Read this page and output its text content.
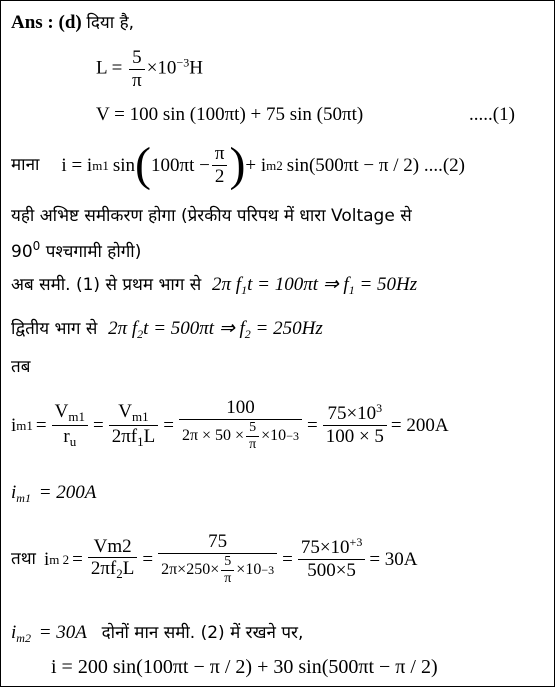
Ans : (d) दिया है,
$L = \frac{5}{\pi} \times 10^{-3}H$
V = 100 sin (100πt) + 75 sin (50πt)	.....(1)
माना i = i m1 sin ( $100\pi t - \frac{\pi}{2}$ ) + i m2 sin(500πt − π / 2) ....(2)
यही अभिष्ट समीकरण होगा (प्रेरकीय परिपथ में धारा Voltage से
$90^0$ पश्चगामी होगी)
अब समी. (1) से प्रथम भाग से 2π $f_1t = 100\pi t$ ⇒ $f_1 = 50Hz$
द्वितीय भाग से 2π $f_2t = 500\pi t$ ⇒ $f_2 = 250Hz$
तब
i $m1 = \frac{V_{m1}}{r_u} = \frac{V_{m1}}{2\pi f_1L}$ =
100
$2\pi \times 50 \times \frac{5}{\pi} \times 10 -3$
= $\frac{75\times 10^3}{100 \times 5} = 200A$
$i_{m1} = 200A$
तथा i m $2 = \frac{Vm2}{2\pi f_2L}$ =
75
$2\pi\times 250\times \frac{5}{\pi} \times 10 -3$
= $\frac{75\times 10^{+3}}{500\times 5} = 30A$
$i_{m2} = 30A$ दोनों मान समी. (2) में रखने पर,
i = 200 sin(100πt − π / 2) + 30 sin(500πt − π / 2)
